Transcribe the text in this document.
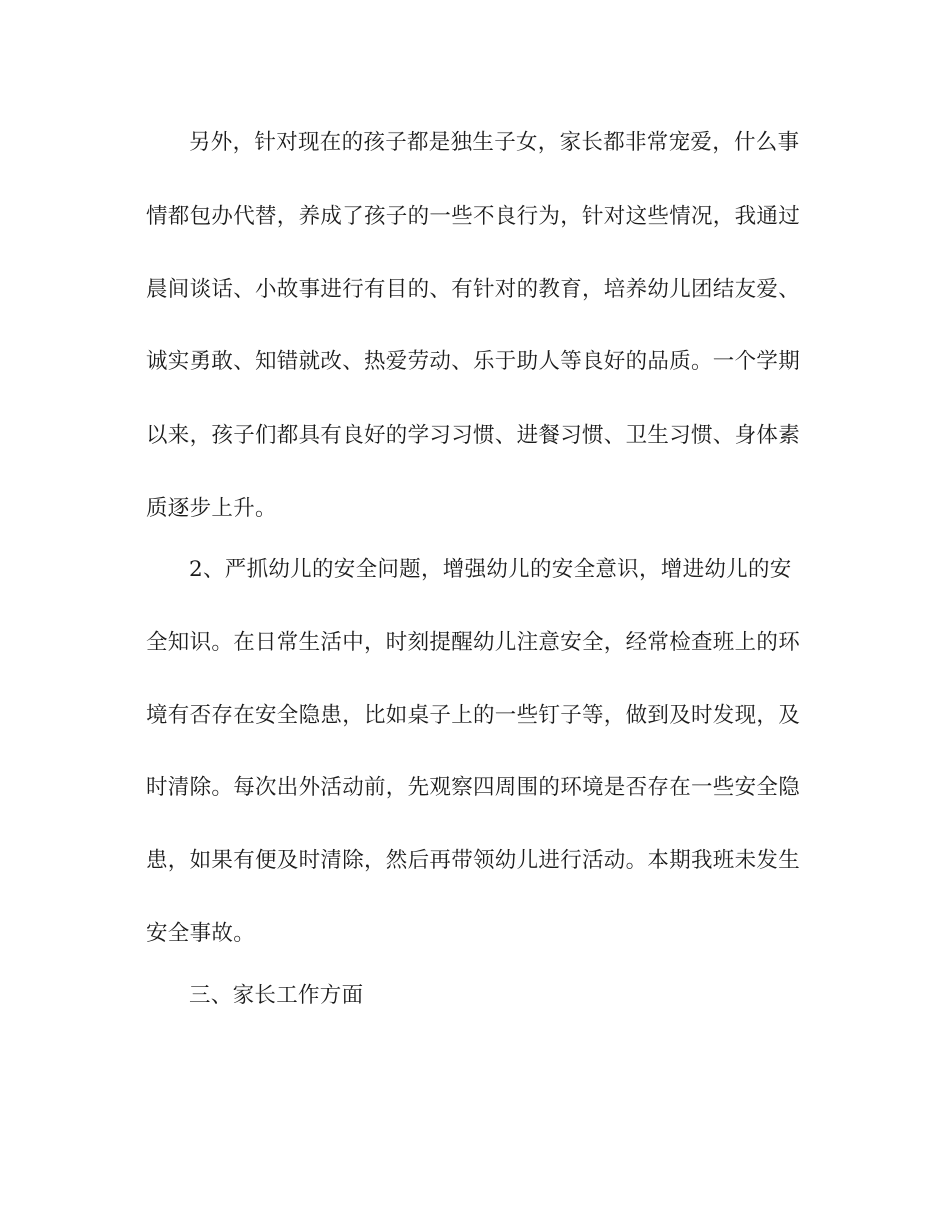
另外，针对现在的孩子都是独生子女，家长都非常宠爱，什么事
情都包办代替，养成了孩子的一些不良行为，针对这些情况，我通过
晨间谈话、小故事进行有目的、有针对的教育，培养幼儿团结友爱、
诚实勇敢、知错就改、热爱劳动、乐于助人等良好的品质。一个学期
以来，孩子们都具有良好的学习习惯、进餐习惯、卫生习惯、身体素
质逐步上升。
2、严抓幼儿的安全问题，增强幼儿的安全意识，增进幼儿的安
全知识。在日常生活中，时刻提醒幼儿注意安全，经常检查班上的环
境有否存在安全隐患，比如桌子上的一些钉子等，做到及时发现，及
时清除。每次出外活动前，先观察四周围的环境是否存在一些安全隐
患，如果有便及时清除，然后再带领幼儿进行活动。本期我班未发生
安全事故。
三、家长工作方面
